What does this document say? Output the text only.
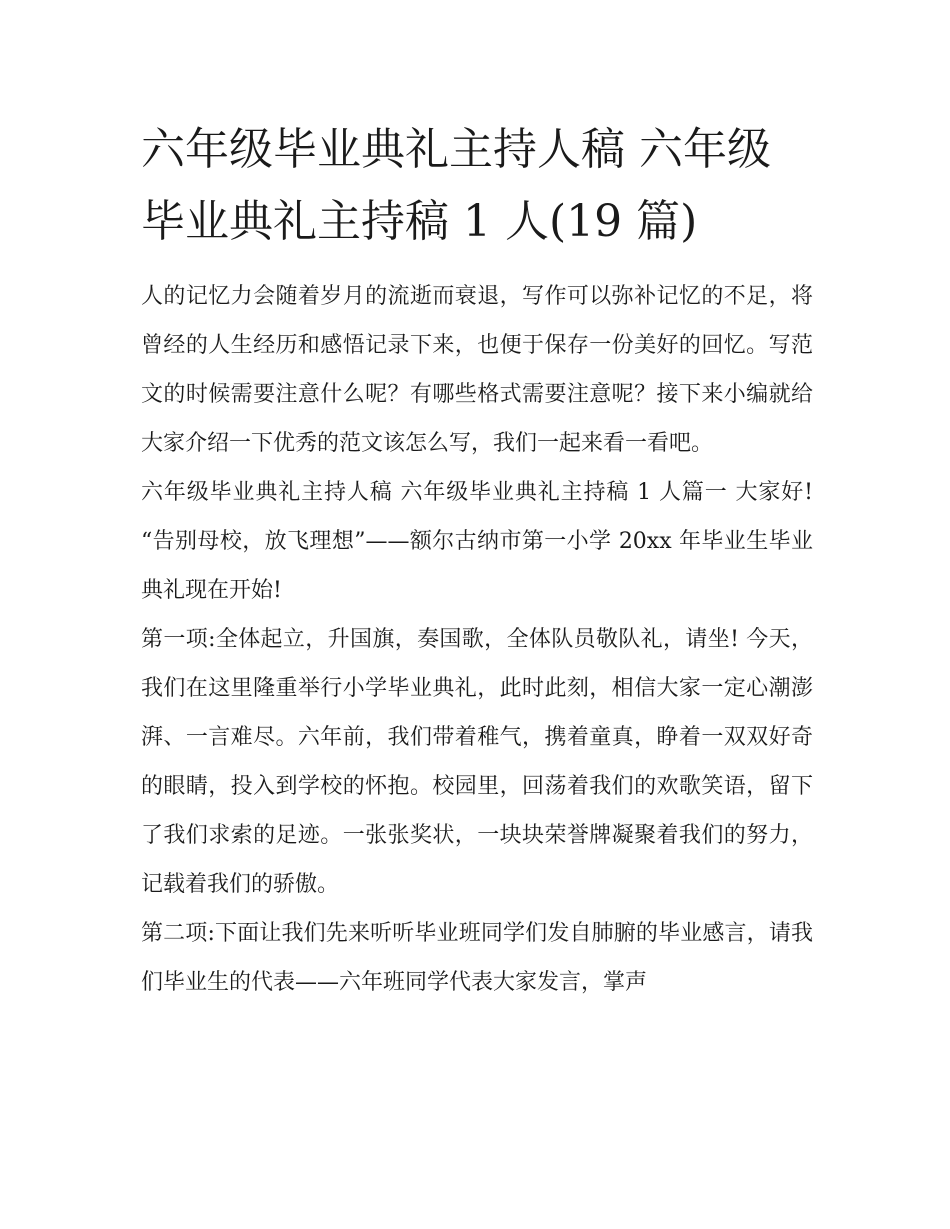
六年级毕业典礼主持人稿 六年级毕业典礼主持稿 1 人(19 篇)

人的记忆力会随着岁月的流逝而衰退，写作可以弥补记忆的不足，将曾经的人生经历和感悟记录下来，也便于保存一份美好的回忆。写范文的时候需要注意什么呢？有哪些格式需要注意呢？接下来小编就给大家介绍一下优秀的范文该怎么写，我们一起来看一看吧。

六年级毕业典礼主持人稿 六年级毕业典礼主持稿 1 人篇一 大家好! “告别母校，放飞理想”——额尔古纳市第一小学 20xx 年毕业生毕业典礼现在开始!

第一项:全体起立，升国旗，奏国歌，全体队员敬队礼，请坐! 今天，我们在这里隆重举行小学毕业典礼，此时此刻，相信大家一定心潮澎湃、一言难尽。六年前，我们带着稚气，携着童真，睁着一双双好奇的眼睛，投入到学校的怀抱。校园里，回荡着我们的欢歌笑语，留下了我们求索的足迹。一张张奖状，一块块荣誉牌凝聚着我们的努力，记载着我们的骄傲。

第二项:下面让我们先来听听毕业班同学们发自肺腑的毕业感言，请我们毕业生的代表——六年班同学代表大家发言，掌声
